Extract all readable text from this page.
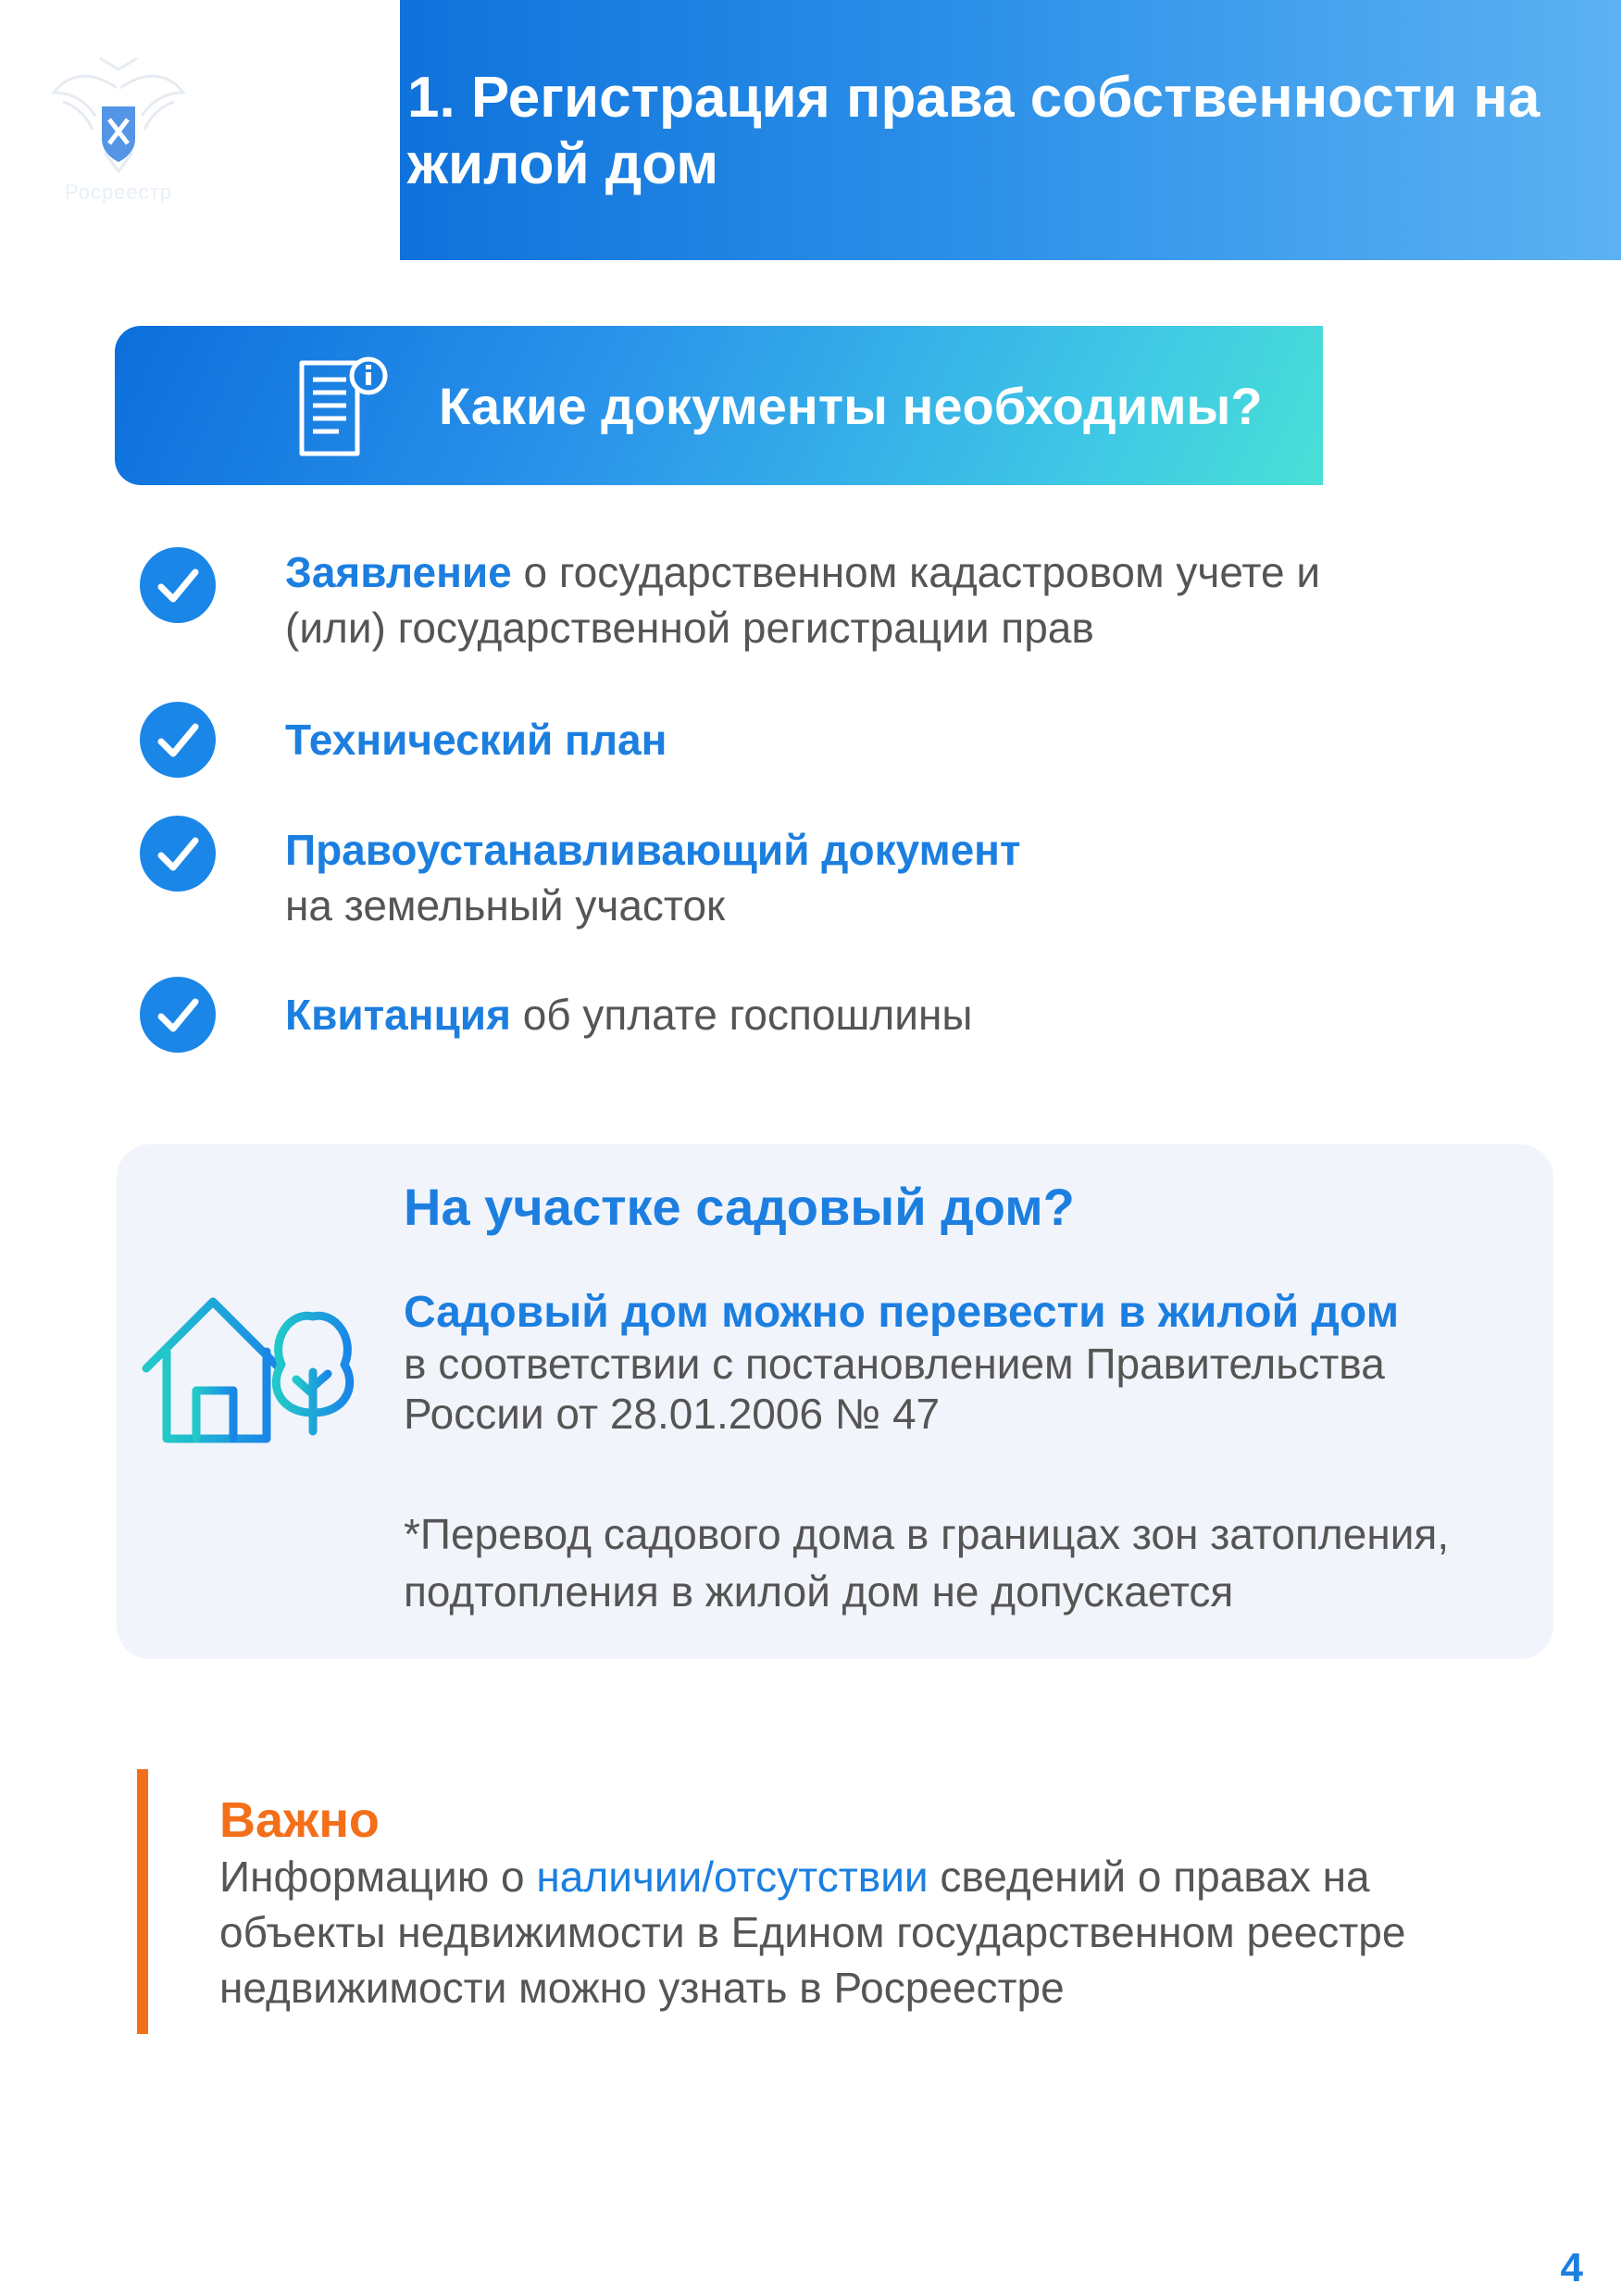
Росреестр
1. Регистрация права собственности на жилой дом
Какие документы необходимы?
Заявление о государственном кадастровом учете и (или) государственной регистрации прав
Технический план
Правоустанавливающий документ
на земельный участок
Квитанция об уплате госпошлины
На участке садовый дом?
Садовый дом можно перевести в жилой дом
в соответствии с постановлением Правительства России от 28.01.2006 № 47
*Перевод садового дома в границах зон затопления, подтопления в жилой дом не допускается
Важно
Информацию о наличии/отсутствии сведений о правах на объекты недвижимости в Едином государственном реестре недвижимости можно узнать в Росреестре
4
